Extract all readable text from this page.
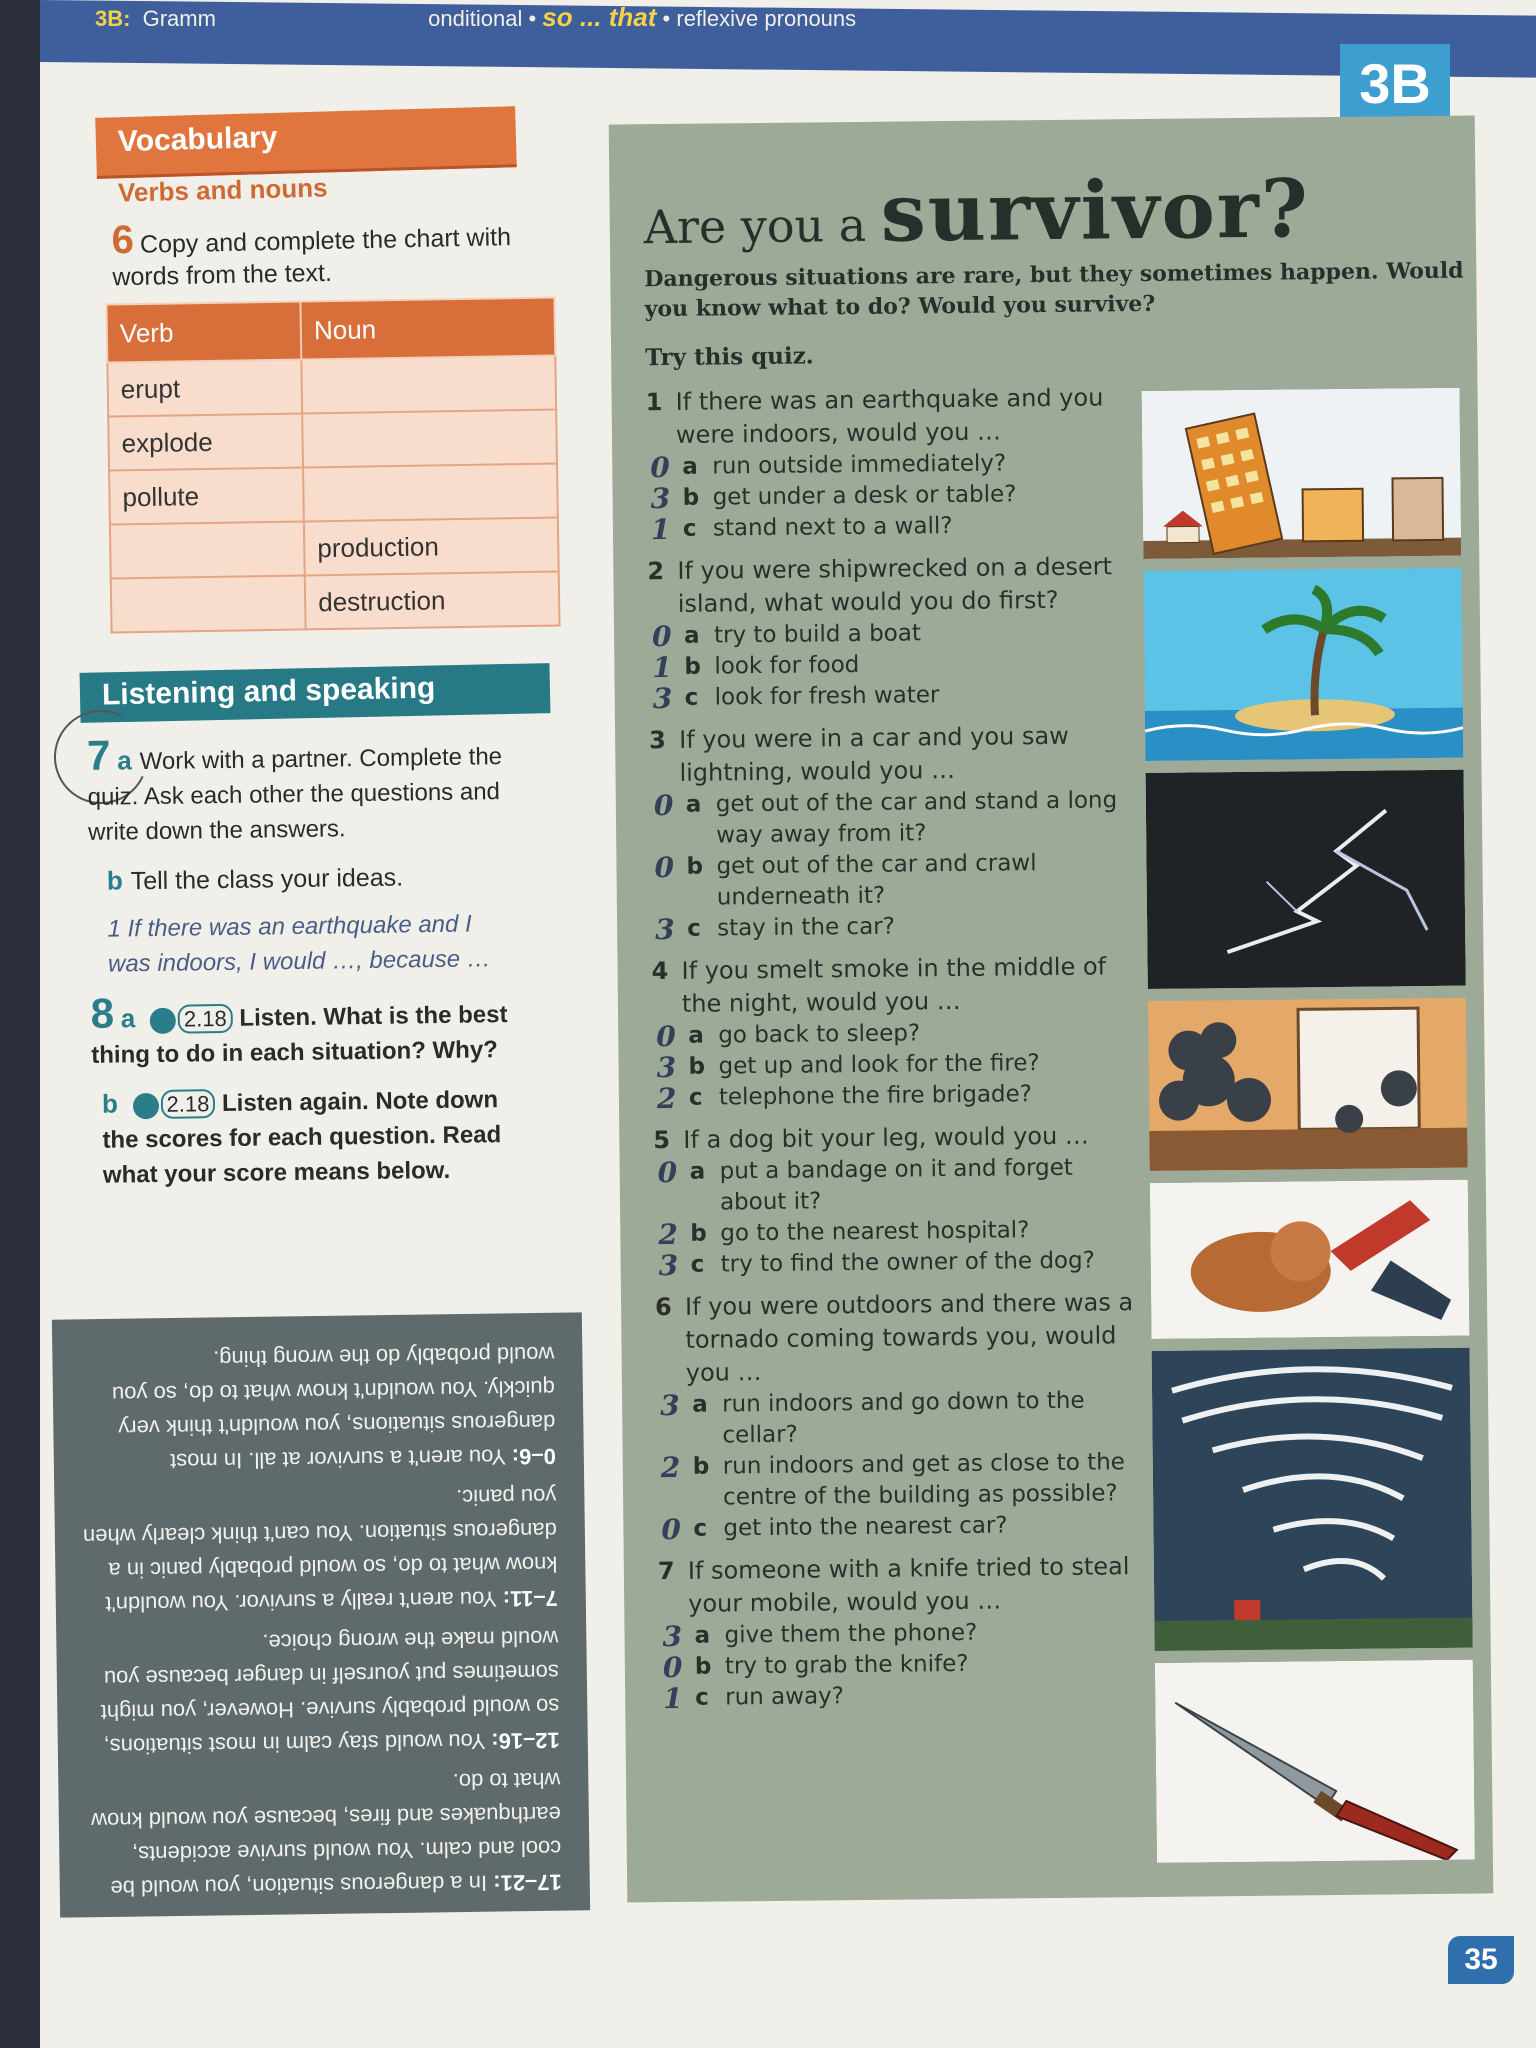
3B: Gramm	onditional • so ... that • reflexive pronouns
3B
Vocabulary
Verbs and nouns
6 Copy and complete the chart with words from the text.
Verb	Noun
erupt	
explode	
pollute	
	production
	destruction
Listening and speaking
7 a Work with a partner. Complete the quiz. Ask each other the questions and write down the answers.
b Tell the class your ideas.
1 If there was an earthquake and I was indoors, I would …, because …
8 a 2.18 Listen. What is the best thing to do in each situation? Why?
b 2.18 Listen again. Note down the scores for each question. Read what your score means below.

17–21: In a dangerous situation, you would be cool and calm. You would survive accidents, earthquakes and fires, because you would know what to do.

12–16: You would stay calm in most situations, so would probably survive. However, you might sometimes put yourself in danger because you would make the wrong choice.

7–11: You aren't really a survivor. You wouldn't know what to do, so would probably panic in a dangerous situation. You can't think clearly when you panic.

0–6: You aren't a survivor at all. In most dangerous situations, you wouldn't think very quickly. You wouldn't know what to do, so you would probably do the wrong thing.

Are you a survivor?
Dangerous situations are rare, but they sometimes happen. Would you know what to do? Would you survive?
Try this quiz.
1 If there was an earthquake and you were indoors, would you …
0 a run outside immediately?
3 b get under a desk or table?
1 c stand next to a wall?
2 If you were shipwrecked on a desert island, what would you do first?
0 a try to build a boat
1 b look for food
3 c look for fresh water
3 If you were in a car and you saw lightning, would you …
0 a get out of the car and stand a long way away from it?
0 b get out of the car and crawl underneath it?
3 c stay in the car?
4 If you smelt smoke in the middle of the night, would you …
0 a go back to sleep?
3 b get up and look for the fire?
2 c telephone the fire brigade?
5 If a dog bit your leg, would you …
0 a put a bandage on it and forget about it?
2 b go to the nearest hospital?
3 c try to find the owner of the dog?
6 If you were outdoors and there was a tornado coming towards you, would you …
3 a run indoors and go down to the cellar?
2 b run indoors and get as close to the centre of the building as possible?
0 c get into the nearest car?
7 If someone with a knife tried to steal your mobile, would you …
3 a give them the phone?
0 b try to grab the knife?
1 c run away?
35
